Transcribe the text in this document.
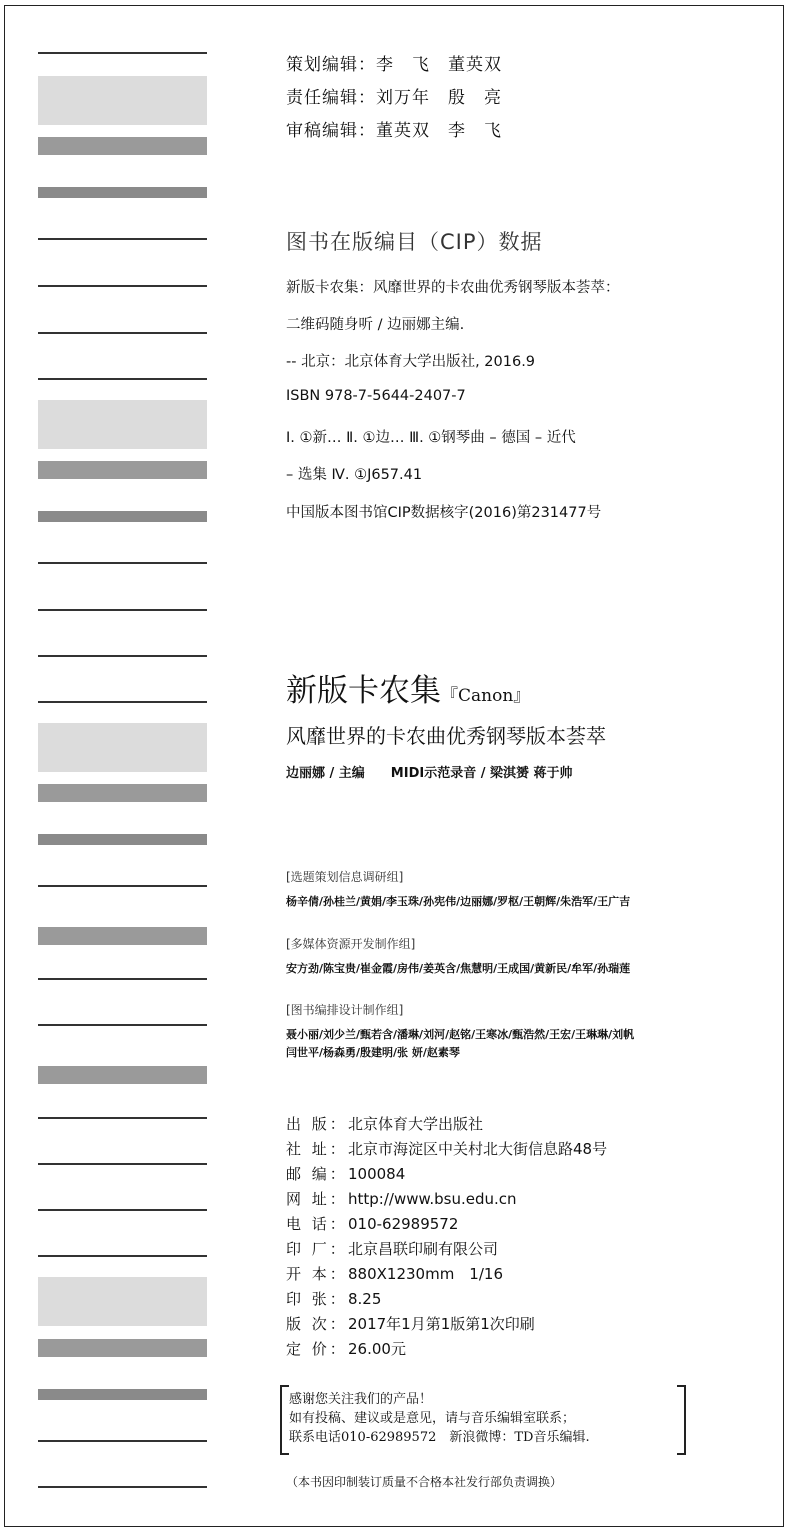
策划编辑：李　飞　董英双
责任编辑：刘万年　殷　亮
审稿编辑：董英双　李　飞
图书在版编目（CIP）数据
新版卡农集：风靡世界的卡农曲优秀钢琴版本荟萃：
二维码随身听 / 边丽娜主编.
-- 北京：北京体育大学出版社, 2016.9
ISBN 978-7-5644-2407-7
Ⅰ. ①新… Ⅱ. ①边… Ⅲ. ①钢琴曲 – 德国 – 近代
– 选集 Ⅳ. ①J657.41
中国版本图书馆CIP数据核字(2016)第231477号
新版卡农集『Canon』
风靡世界的卡农曲优秀钢琴版本荟萃
边丽娜 / 主编　　MIDI示范录音 / 梁淇赟 蒋于帅
[选题策划信息调研组]
杨辛倩/孙桂兰/黄娟/李玉珠/孙宪伟/边丽娜/罗枢/王朝辉/朱浩军/王广吉
[多媒体资源开发制作组]
安方劲/陈宝贵/崔金霞/房伟/姜英含/焦慧明/王成国/黄新民/牟军/孙瑞莲
[图书编排设计制作组]
聂小丽/刘少兰/甄若含/潘琳/刘河/赵铭/王寒冰/甄浩然/王宏/王琳琳/刘帆
闫世平/杨森勇/殷建明/张 妍/赵素琴
出 版：北京体育大学出版社
社 址：北京市海淀区中关村北大街信息路48号
邮 编：100084
网 址：http://www.bsu.edu.cn
电 话：010-62989572
印 厂：北京昌联印刷有限公司
开 本：880X1230mm　1/16
印 张：8.25
版 次：2017年1月第1版第1次印刷
定 价：26.00元
感谢您关注我们的产品！
如有投稿、建议或是意见，请与音乐编辑室联系；
联系电话010-62989572　新浪微博：TD音乐编辑.
（本书因印制装订质量不合格本社发行部负责调换）
